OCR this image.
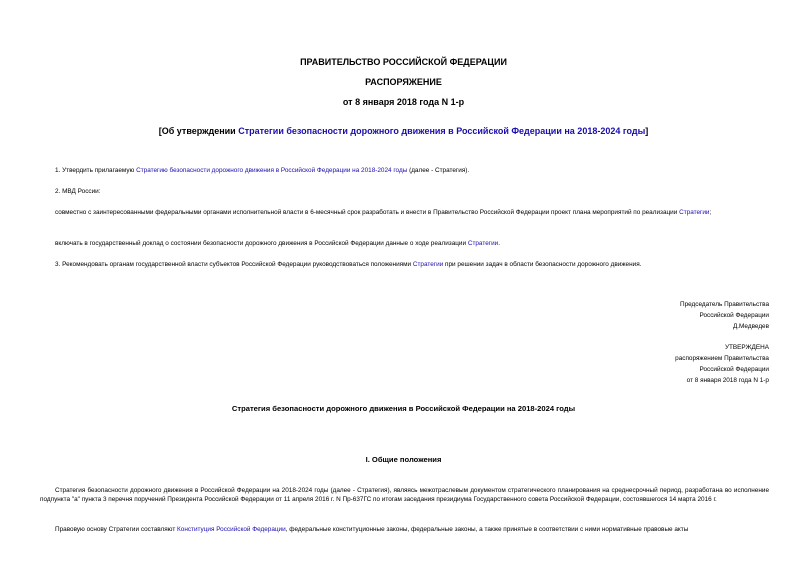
ПРАВИТЕЛЬСТВО РОССИЙСКОЙ ФЕДЕРАЦИИ
РАСПОРЯЖЕНИЕ
от 8 января 2018 года N 1-р
[Об утверждении Стратегии безопасности дорожного движения в Российской Федерации на 2018-2024 годы]
1. Утвердить прилагаемую Стратегию безопасности дорожного движения в Российской Федерации на 2018-2024 годы (далее - Стратегия).
2. МВД России:
совместно с заинтересованными федеральными органами исполнительной власти в 6-месячный срок разработать и внести в Правительство Российской Федерации проект плана мероприятий по реализации Стратегии;
включать в государственный доклад о состоянии безопасности дорожного движения в Российской Федерации данные о ходе реализации Стратегии.
3. Рекомендовать органам государственной власти субъектов Российской Федерации руководствоваться положениями Стратегии при решении задач в области безопасности дорожного движения.
Председатель Правительства
Российской Федерации
Д.Медведев
УТВЕРЖДЕНА
распоряжением Правительства
Российской Федерации
от 8 января 2018 года N 1-р
Стратегия безопасности дорожного движения в Российской Федерации на 2018-2024 годы
I. Общие положения
Стратегия безопасности дорожного движения в Российской Федерации на 2018-2024 годы (далее - Стратегия), являясь межотраслевым документом стратегического планирования на среднесрочный период, разработана во исполнение подпункта "а" пункта 3 перечня поручений Президента Российской Федерации от 11 апреля 2016 г. N Пр-637ГС по итогам заседания президиума Государственного совета Российской Федерации, состоявшегося 14 марта 2016 г.
Правовую основу Стратегии составляют Конституция Российской Федерации, федеральные конституционные законы, федеральные законы, а также принятые в соответствии с ними нормативные правовые акты
